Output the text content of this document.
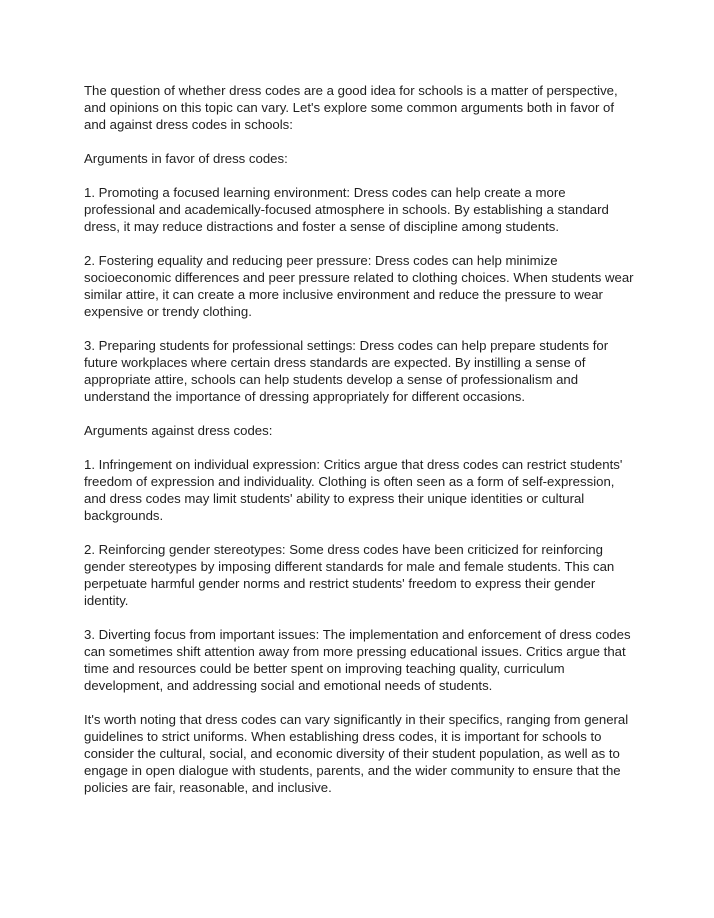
The question of whether dress codes are a good idea for schools is a matter of perspective, and opinions on this topic can vary. Let's explore some common arguments both in favor of and against dress codes in schools:

Arguments in favor of dress codes:

1. Promoting a focused learning environment: Dress codes can help create a more professional and academically-focused atmosphere in schools. By establishing a standard dress, it may reduce distractions and foster a sense of discipline among students.

2. Fostering equality and reducing peer pressure: Dress codes can help minimize socioeconomic differences and peer pressure related to clothing choices. When students wear similar attire, it can create a more inclusive environment and reduce the pressure to wear expensive or trendy clothing.

3. Preparing students for professional settings: Dress codes can help prepare students for future workplaces where certain dress standards are expected. By instilling a sense of appropriate attire, schools can help students develop a sense of professionalism and understand the importance of dressing appropriately for different occasions.

Arguments against dress codes:

1. Infringement on individual expression: Critics argue that dress codes can restrict students' freedom of expression and individuality. Clothing is often seen as a form of self-expression, and dress codes may limit students' ability to express their unique identities or cultural backgrounds.

2. Reinforcing gender stereotypes: Some dress codes have been criticized for reinforcing gender stereotypes by imposing different standards for male and female students. This can perpetuate harmful gender norms and restrict students' freedom to express their gender identity.

3. Diverting focus from important issues: The implementation and enforcement of dress codes can sometimes shift attention away from more pressing educational issues. Critics argue that time and resources could be better spent on improving teaching quality, curriculum development, and addressing social and emotional needs of students.

It's worth noting that dress codes can vary significantly in their specifics, ranging from general guidelines to strict uniforms. When establishing dress codes, it is important for schools to consider the cultural, social, and economic diversity of their student population, as well as to engage in open dialogue with students, parents, and the wider community to ensure that the policies are fair, reasonable, and inclusive.
